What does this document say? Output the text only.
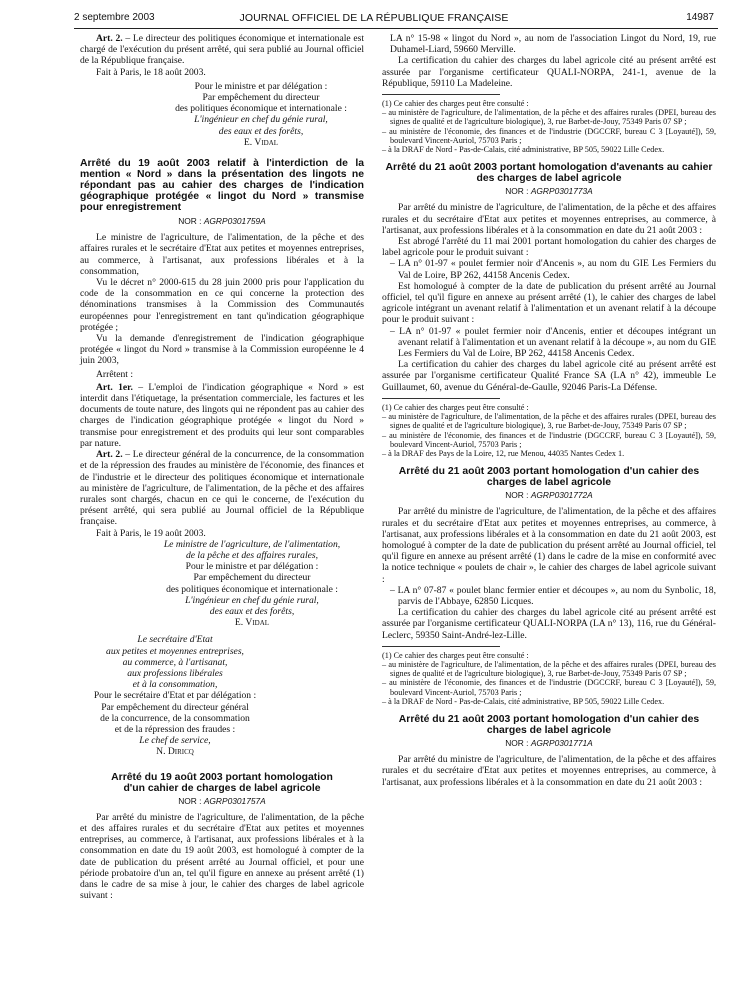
2 septembre 2003	JOURNAL OFFICIEL DE LA RÉPUBLIQUE FRANÇAISE	14987

Art. 2. – Le directeur des politiques économique et internationale est chargé de l'exécution du présent arrêté, qui sera publié au Journal officiel de la République française.

Fait à Paris, le 18 août 2003.

Pour le ministre et par délégation :
Par empêchement du directeur
des politiques économique et internationale :
L'ingénieur en chef du génie rural,
des eaux et des forêts,
E. Vidal
Arrêté du 19 août 2003 relatif à l'interdiction de la mention « Nord » dans la présentation des lingots ne répondant pas au cahier des charges de l'indication géographique protégée « lingot du Nord » transmise pour enregistrement
NOR : AGRP0301759A

Le ministre de l'agriculture, de l'alimentation, de la pêche et des affaires rurales et le secrétaire d'Etat aux petites et moyennes entreprises, au commerce, à l'artisanat, aux professions libérales et à la consommation,

Vu le décret n° 2000-615 du 28 juin 2000 pris pour l'application du code de la consommation en ce qui concerne la protection des dénominations transmises à la Commission des Communautés européennes pour l'enregistrement en tant qu'indication géographique protégée ;

Vu la demande d'enregistrement de l'indication géographique protégée « lingot du Nord » transmise à la Commission européenne le 4 juin 2003,

Arrêtent :

Art. 1er. – L'emploi de l'indication géographique « Nord » est interdit dans l'étiquetage, la présentation commerciale, les factures et les documents de toute nature, des lingots qui ne répondent pas au cahier des charges de l'indication géographique protégée « lingot du Nord » transmise pour enregistrement et des produits qui leur sont comparables par nature.

Art. 2. – Le directeur général de la concurrence, de la consommation et de la répression des fraudes au ministère de l'économie, des finances et de l'industrie et le directeur des politiques économique et internationale au ministère de l'agriculture, de l'alimentation, de la pêche et des affaires rurales sont chargés, chacun en ce qui le concerne, de l'exécution du présent arrêté, qui sera publié au Journal officiel de la République française.

Fait à Paris, le 19 août 2003.

Le ministre de l'agriculture, de l'alimentation,
de la pêche et des affaires rurales,
Pour le ministre et par délégation :
Par empêchement du directeur
des politiques économique et internationale :
L'ingénieur en chef du génie rural,
des eaux et des forêts,
E. Vidal
Le secrétaire d'Etat
aux petites et moyennes entreprises,
au commerce, à l'artisanat,
aux professions libérales
et à la consommation,
Pour le secrétaire d'Etat et par délégation :
Par empêchement du directeur général
de la concurrence, de la consommation
et de la répression des fraudes :
Le chef de service,
N. Diricq
Arrêté du 19 août 2003 portant homologation d'un cahier de charges de label agricole
NOR : AGRP0301757A

Par arrêté du ministre de l'agriculture, de l'alimentation, de la pêche et des affaires rurales et du secrétaire d'Etat aux petites et moyennes entreprises, au commerce, à l'artisanat, aux professions libérales et à la consommation en date du 19 août 2003, est homologué à compter de la date de publication du présent arrêté au Journal officiel, et pour une période probatoire d'un an, tel qu'il figure en annexe au présent arrêté (1) dans le cadre de sa mise à jour, le cahier des charges de label agricole suivant :

LA n° 15-98 « lingot du Nord », au nom de l'association Lingot du Nord, 19, rue Duhamel-Liard, 59660 Merville.

La certification du cahier des charges du label agricole cité au présent arrêté est assurée par l'organisme certificateur QUALI-NORPA, 241-1, avenue de la République, 59110 La Madeleine.

(1) Ce cahier des charges peut être consulté :
– au ministère de l'agriculture, de l'alimentation, de la pêche et des affaires rurales (DPEI, bureau des signes de qualité et de l'agriculture biologique), 3, rue Barbet-de-Jouy, 75349 Paris 07 SP ;
– au ministère de l'économie, des finances et de l'industrie (DGCCRF, bureau C 3 [Loyauté]), 59, boulevard Vincent-Auriol, 75703 Paris ;
– à la DRAF de Nord - Pas-de-Calais, cité administrative, BP 505, 59022 Lille Cedex.
Arrêté du 21 août 2003 portant homologation d'avenants au cahier des charges de label agricole
NOR : AGRP0301773A

Par arrêté du ministre de l'agriculture, de l'alimentation, de la pêche et des affaires rurales et du secrétaire d'Etat aux petites et moyennes entreprises, au commerce, à l'artisanat, aux professions libérales et à la consommation en date du 21 août 2003 :

Est abrogé l'arrêté du 11 mai 2001 portant homologation du cahier des charges de label agricole pour le produit suivant :

– LA n° 01-97 « poulet fermier noir d'Ancenis », au nom du GIE Les Fermiers du Val de Loire, BP 262, 44158 Ancenis Cedex.

Est homologué à compter de la date de publication du présent arrêté au Journal officiel, tel qu'il figure en annexe au présent arrêté (1), le cahier des charges de label agricole intégrant un avenant relatif à l'alimentation et un avenant relatif à la découpe pour le produit suivant :

– LA n° 01-97 « poulet fermier noir d'Ancenis, entier et découpes intégrant un avenant relatif à l'alimentation et un avenant relatif à la découpe », au nom du GIE Les Fermiers du Val de Loire, BP 262, 44158 Ancenis Cedex.

La certification du cahier des charges du label agricole cité au présent arrêté est assurée par l'organisme certificateur Qualité France SA (LA n° 42), immeuble Le Guillaumet, 60, avenue du Général-de-Gaulle, 92046 Paris-La Défense.

(1) Ce cahier des charges peut être consulté :
– au ministère de l'agriculture, de l'alimentation, de la pêche et des affaires rurales (DPEI, bureau des signes de qualité et de l'agriculture biologique), 3, rue Barbet-de-Jouy, 75349 Paris 07 SP ;
– au ministère de l'économie, des finances et de l'industrie (DGCCRF, bureau C 3 [Loyauté]), 59, boulevard Vincent-Auriol, 75703 Paris ;
– à la DRAF des Pays de la Loire, 12, rue Menou, 44035 Nantes Cedex 1.
Arrêté du 21 août 2003 portant homologation d'un cahier des charges de label agricole
NOR : AGRP0301772A

Par arrêté du ministre de l'agriculture, de l'alimentation, de la pêche et des affaires rurales et du secrétaire d'Etat aux petites et moyennes entreprises, au commerce, à l'artisanat, aux professions libérales et à la consommation en date du 21 août 2003, est homologué à compter de la date de publication du présent arrêté au Journal officiel, tel qu'il figure en annexe au présent arrêté (1) dans le cadre de la mise en conformité avec la notice technique « poulets de chair », le cahier des charges de label agricole suivant :

– LA n° 07-87 « poulet blanc fermier entier et découpes », au nom du Synbolic, 18, parvis de l'Abbaye, 62850 Licques.

La certification du cahier des charges du label agricole cité au présent arrêté est assurée par l'organisme certificateur QUALI-NORPA (LA n° 13), 116, rue du Général-Leclerc, 59350 Saint-André-lez-Lille.

(1) Ce cahier des charges peut être consulté :
– au ministère de l'agriculture, de l'alimentation, de la pêche et des affaires rurales (DPEI, bureau des signes de qualité et de l'agriculture biologique), 3, rue Barbet-de-Jouy, 75349 Paris 07 SP ;
– au ministère de l'économie, des finances et de l'industrie (DGCCRF, bureau C 3 [Loyauté]), 59, boulevard Vincent-Auriol, 75703 Paris ;
– à la DRAF de Nord - Pas-de-Calais, cité administrative, BP 505, 59022 Lille Cedex.
Arrêté du 21 août 2003 portant homologation d'un cahier des charges de label agricole
NOR : AGRP0301771A

Par arrêté du ministre de l'agriculture, de l'alimentation, de la pêche et des affaires rurales et du secrétaire d'Etat aux petites et moyennes entreprises, au commerce, à l'artisanat, aux professions libérales et à la consommation en date du 21 août 2003 :
